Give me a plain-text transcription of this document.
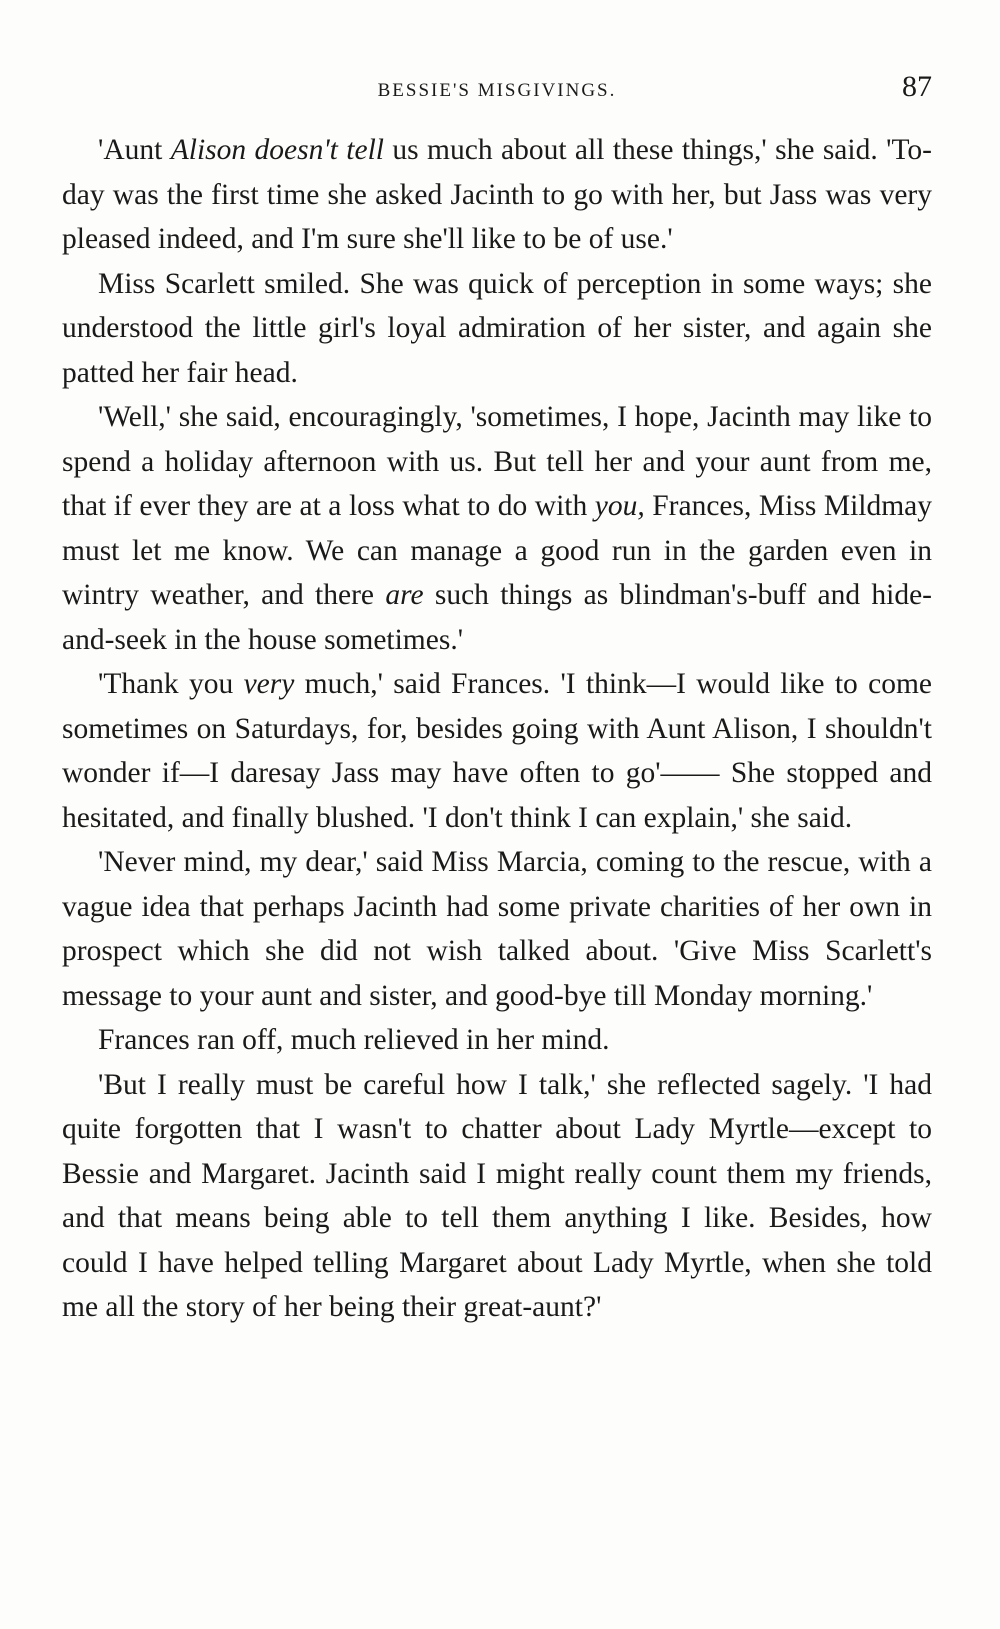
BESSIE'S MISGIVINGS.	87

'Aunt Alison doesn't tell us much about all these things,' she said. 'To-day was the first time she asked Jacinth to go with her, but Jass was very pleased indeed, and I'm sure she'll like to be of use.'

Miss Scarlett smiled. She was quick of perception in some ways; she understood the little girl's loyal admiration of her sister, and again she patted her fair head.

'Well,' she said, encouragingly, 'sometimes, I hope, Jacinth may like to spend a holiday afternoon with us. But tell her and your aunt from me, that if ever they are at a loss what to do with you, Frances, Miss Mildmay must let me know. We can manage a good run in the garden even in wintry weather, and there are such things as blindman's-buff and hide-and-seek in the house sometimes.'

'Thank you very much,' said Frances. 'I think—I would like to come sometimes on Saturdays, for, besides going with Aunt Alison, I shouldn't wonder if—I daresay Jass may have often to go'—— She stopped and hesitated, and finally blushed. 'I don't think I can explain,' she said.

'Never mind, my dear,' said Miss Marcia, coming to the rescue, with a vague idea that perhaps Jacinth had some private charities of her own in prospect which she did not wish talked about. 'Give Miss Scarlett's message to your aunt and sister, and good-bye till Monday morning.'

Frances ran off, much relieved in her mind.

'But I really must be careful how I talk,' she reflected sagely. 'I had quite forgotten that I wasn't to chatter about Lady Myrtle—except to Bessie and Margaret. Jacinth said I might really count them my friends, and that means being able to tell them anything I like. Besides, how could I have helped telling Margaret about Lady Myrtle, when she told me all the story of her being their great-aunt?'
